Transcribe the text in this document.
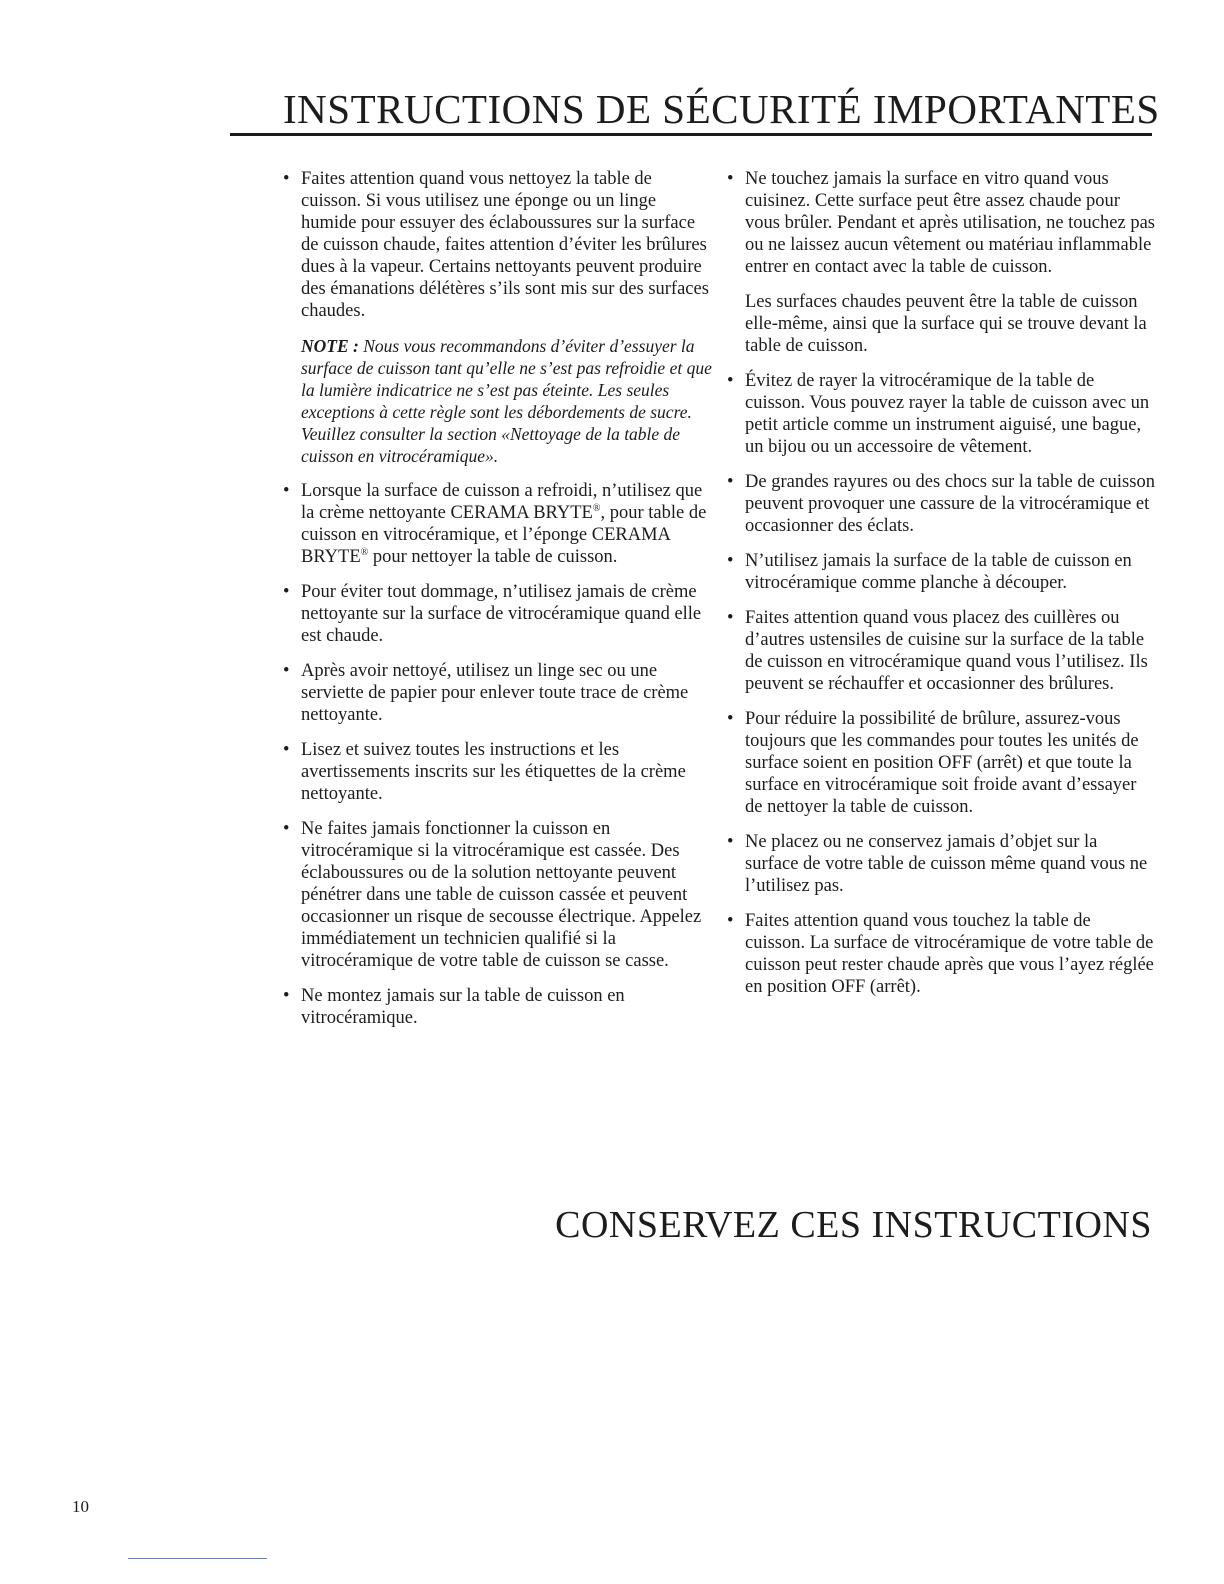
INSTRUCTIONS DE SÉCURITÉ IMPORTANTES
• Faites attention quand vous nettoyez la table de cuisson. Si vous utilisez une éponge ou un linge humide pour essuyer des éclaboussures sur la surface de cuisson chaude, faites attention d’éviter les brûlures dues à la vapeur. Certains nettoyants peuvent produire des émanations délétères s’ils sont mis sur des surfaces chaudes.
NOTE : Nous vous recommandons d’éviter d’essuyer la surface de cuisson tant qu’elle ne s’est pas refroidie et que la lumière indicatrice ne s’est pas éteinte. Les seules exceptions à cette règle sont les débordements de sucre. Veuillez consulter la section «Nettoyage de la table de cuisson en vitrocéramique».
• Lorsque la surface de cuisson a refroidi, n’utilisez que la crème nettoyante CERAMA BRYTE®, pour table de cuisson en vitrocéramique, et l’éponge CERAMA BRYTE® pour nettoyer la table de cuisson.
• Pour éviter tout dommage, n’utilisez jamais de crème nettoyante sur la surface de vitrocéramique quand elle est chaude.
• Après avoir nettoyé, utilisez un linge sec ou une serviette de papier pour enlever toute trace de crème nettoyante.
• Lisez et suivez toutes les instructions et les avertissements inscrits sur les étiquettes de la crème nettoyante.
• Ne faites jamais fonctionner la cuisson en vitrocéramique si la vitrocéramique est cassée. Des éclaboussures ou de la solution nettoyante peuvent pénétrer dans une table de cuisson cassée et peuvent occasionner un risque de secousse électrique. Appelez immédiatement un technicien qualifié si la vitrocéramique de votre table de cuisson se casse.
• Ne montez jamais sur la table de cuisson en vitrocéramique.
• Ne touchez jamais la surface en vitro quand vous cuisinez. Cette surface peut être assez chaude pour vous brûler. Pendant et après utilisation, ne touchez pas ou ne laissez aucun vêtement ou matériau inflammable entrer en contact avec la table de cuisson.
Les surfaces chaudes peuvent être la table de cuisson elle-même, ainsi que la surface qui se trouve devant la table de cuisson.
• Évitez de rayer la vitrocéramique de la table de cuisson. Vous pouvez rayer la table de cuisson avec un petit article comme un instrument aiguisé, une bague, un bijou ou un accessoire de vêtement.
• De grandes rayures ou des chocs sur la table de cuisson peuvent provoquer une cassure de la vitrocéramique et occasionner des éclats.
• N’utilisez jamais la surface de la table de cuisson en vitrocéramique comme planche à découper.
• Faites attention quand vous placez des cuillères ou d’autres ustensiles de cuisine sur la surface de la table de cuisson en vitrocéramique quand vous l’utilisez. Ils peuvent se réchauffer et occasionner des brûlures.
• Pour réduire la possibilité de brûlure, assurez-vous toujours que les commandes pour toutes les unités de surface soient en position OFF (arrêt) et que toute la surface en vitrocéramique soit froide avant d’essayer de nettoyer la table de cuisson.
• Ne placez ou ne conservez jamais d’objet sur la surface de votre table de cuisson même quand vous ne l’utilisez pas.
• Faites attention quand vous touchez la table de cuisson. La surface de vitrocéramique de votre table de cuisson peut rester chaude après que vous l’ayez réglée en position OFF (arrêt).
CONSERVEZ CES INSTRUCTIONS
10
